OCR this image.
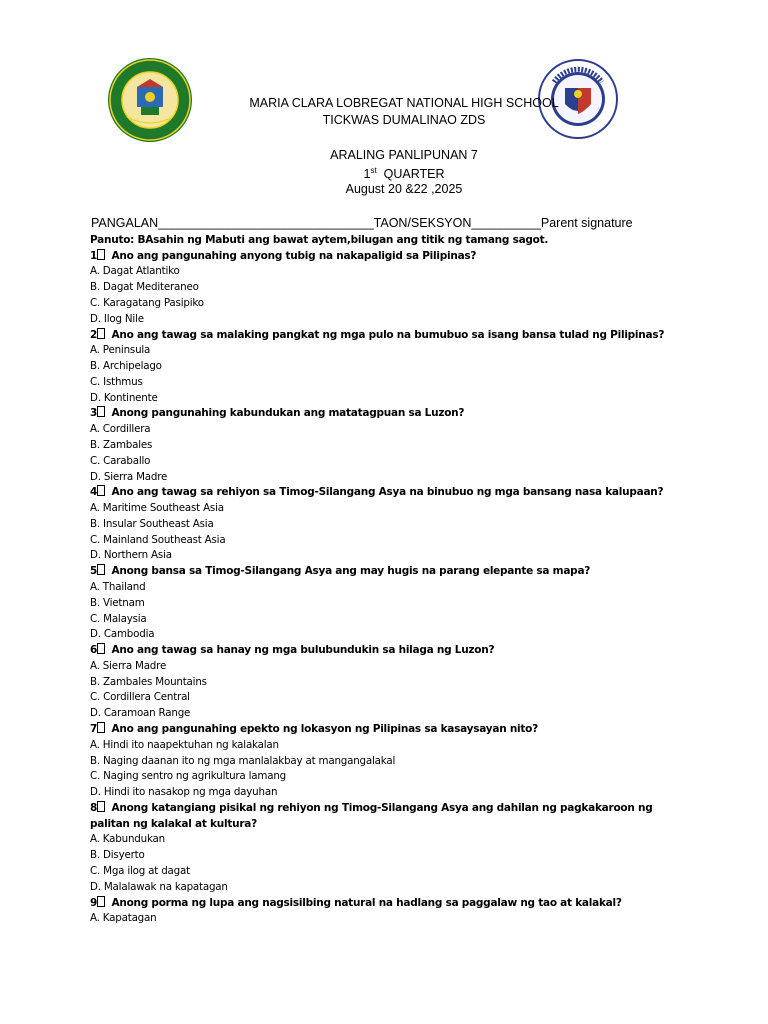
MARIA CLARA LOBREGAT NATIONAL HIGH SCHOOL
TICKWAS DUMALINAO ZDS
ARALING PANLIPUNAN 7
1st QUARTER
August 20 &22 ,2025
PANGALAN_______________________________TAON/SEKSYON__________Parent signature
Panuto: BAsahin ng Mabuti ang bawat aytem,bilugan ang titik ng tamang sagot.
1 Ano ang pangunahing anyong tubig na nakapaligid sa Pilipinas?
A. Dagat Atlantiko
B. Dagat Mediteraneo
C. Karagatang Pasipiko
D. Ilog Nile
2 Ano ang tawag sa malaking pangkat ng mga pulo na bumubuo sa isang bansa tulad ng Pilipinas?
A. Peninsula
B. Archipelago
C. Isthmus
D. Kontinente
3 Anong pangunahing kabundukan ang matatagpuan sa Luzon?
A. Cordillera
B. Zambales
C. Caraballo
D. Sierra Madre
4 Ano ang tawag sa rehiyon sa Timog-Silangang Asya na binubuo ng mga bansang nasa kalupaan?
A. Maritime Southeast Asia
B. Insular Southeast Asia
C. Mainland Southeast Asia
D. Northern Asia
5 Anong bansa sa Timog-Silangang Asya ang may hugis na parang elepante sa mapa?
A. Thailand
B. Vietnam
C. Malaysia
D. Cambodia
6 Ano ang tawag sa hanay ng mga bulubundukin sa hilaga ng Luzon?
A. Sierra Madre
B. Zambales Mountains
C. Cordillera Central
D. Caramoan Range
7 Ano ang pangunahing epekto ng lokasyon ng Pilipinas sa kasaysayan nito?
A. Hindi ito naapektuhan ng kalakalan
B. Naging daanan ito ng mga manlalakbay at mangangalakal
C. Naging sentro ng agrikultura lamang
D. Hindi ito nasakop ng mga dayuhan
8 Anong katangiang pisikal ng rehiyon ng Timog-Silangang Asya ang dahilan ng pagkakaroon ng palitan ng kalakal at kultura?
A. Kabundukan
B. Disyerto
C. Mga ilog at dagat
D. Malalawak na kapatagan
9 Anong porma ng lupa ang nagsisilbing natural na hadlang sa paggalaw ng tao at kalakal?
A. Kapatagan
